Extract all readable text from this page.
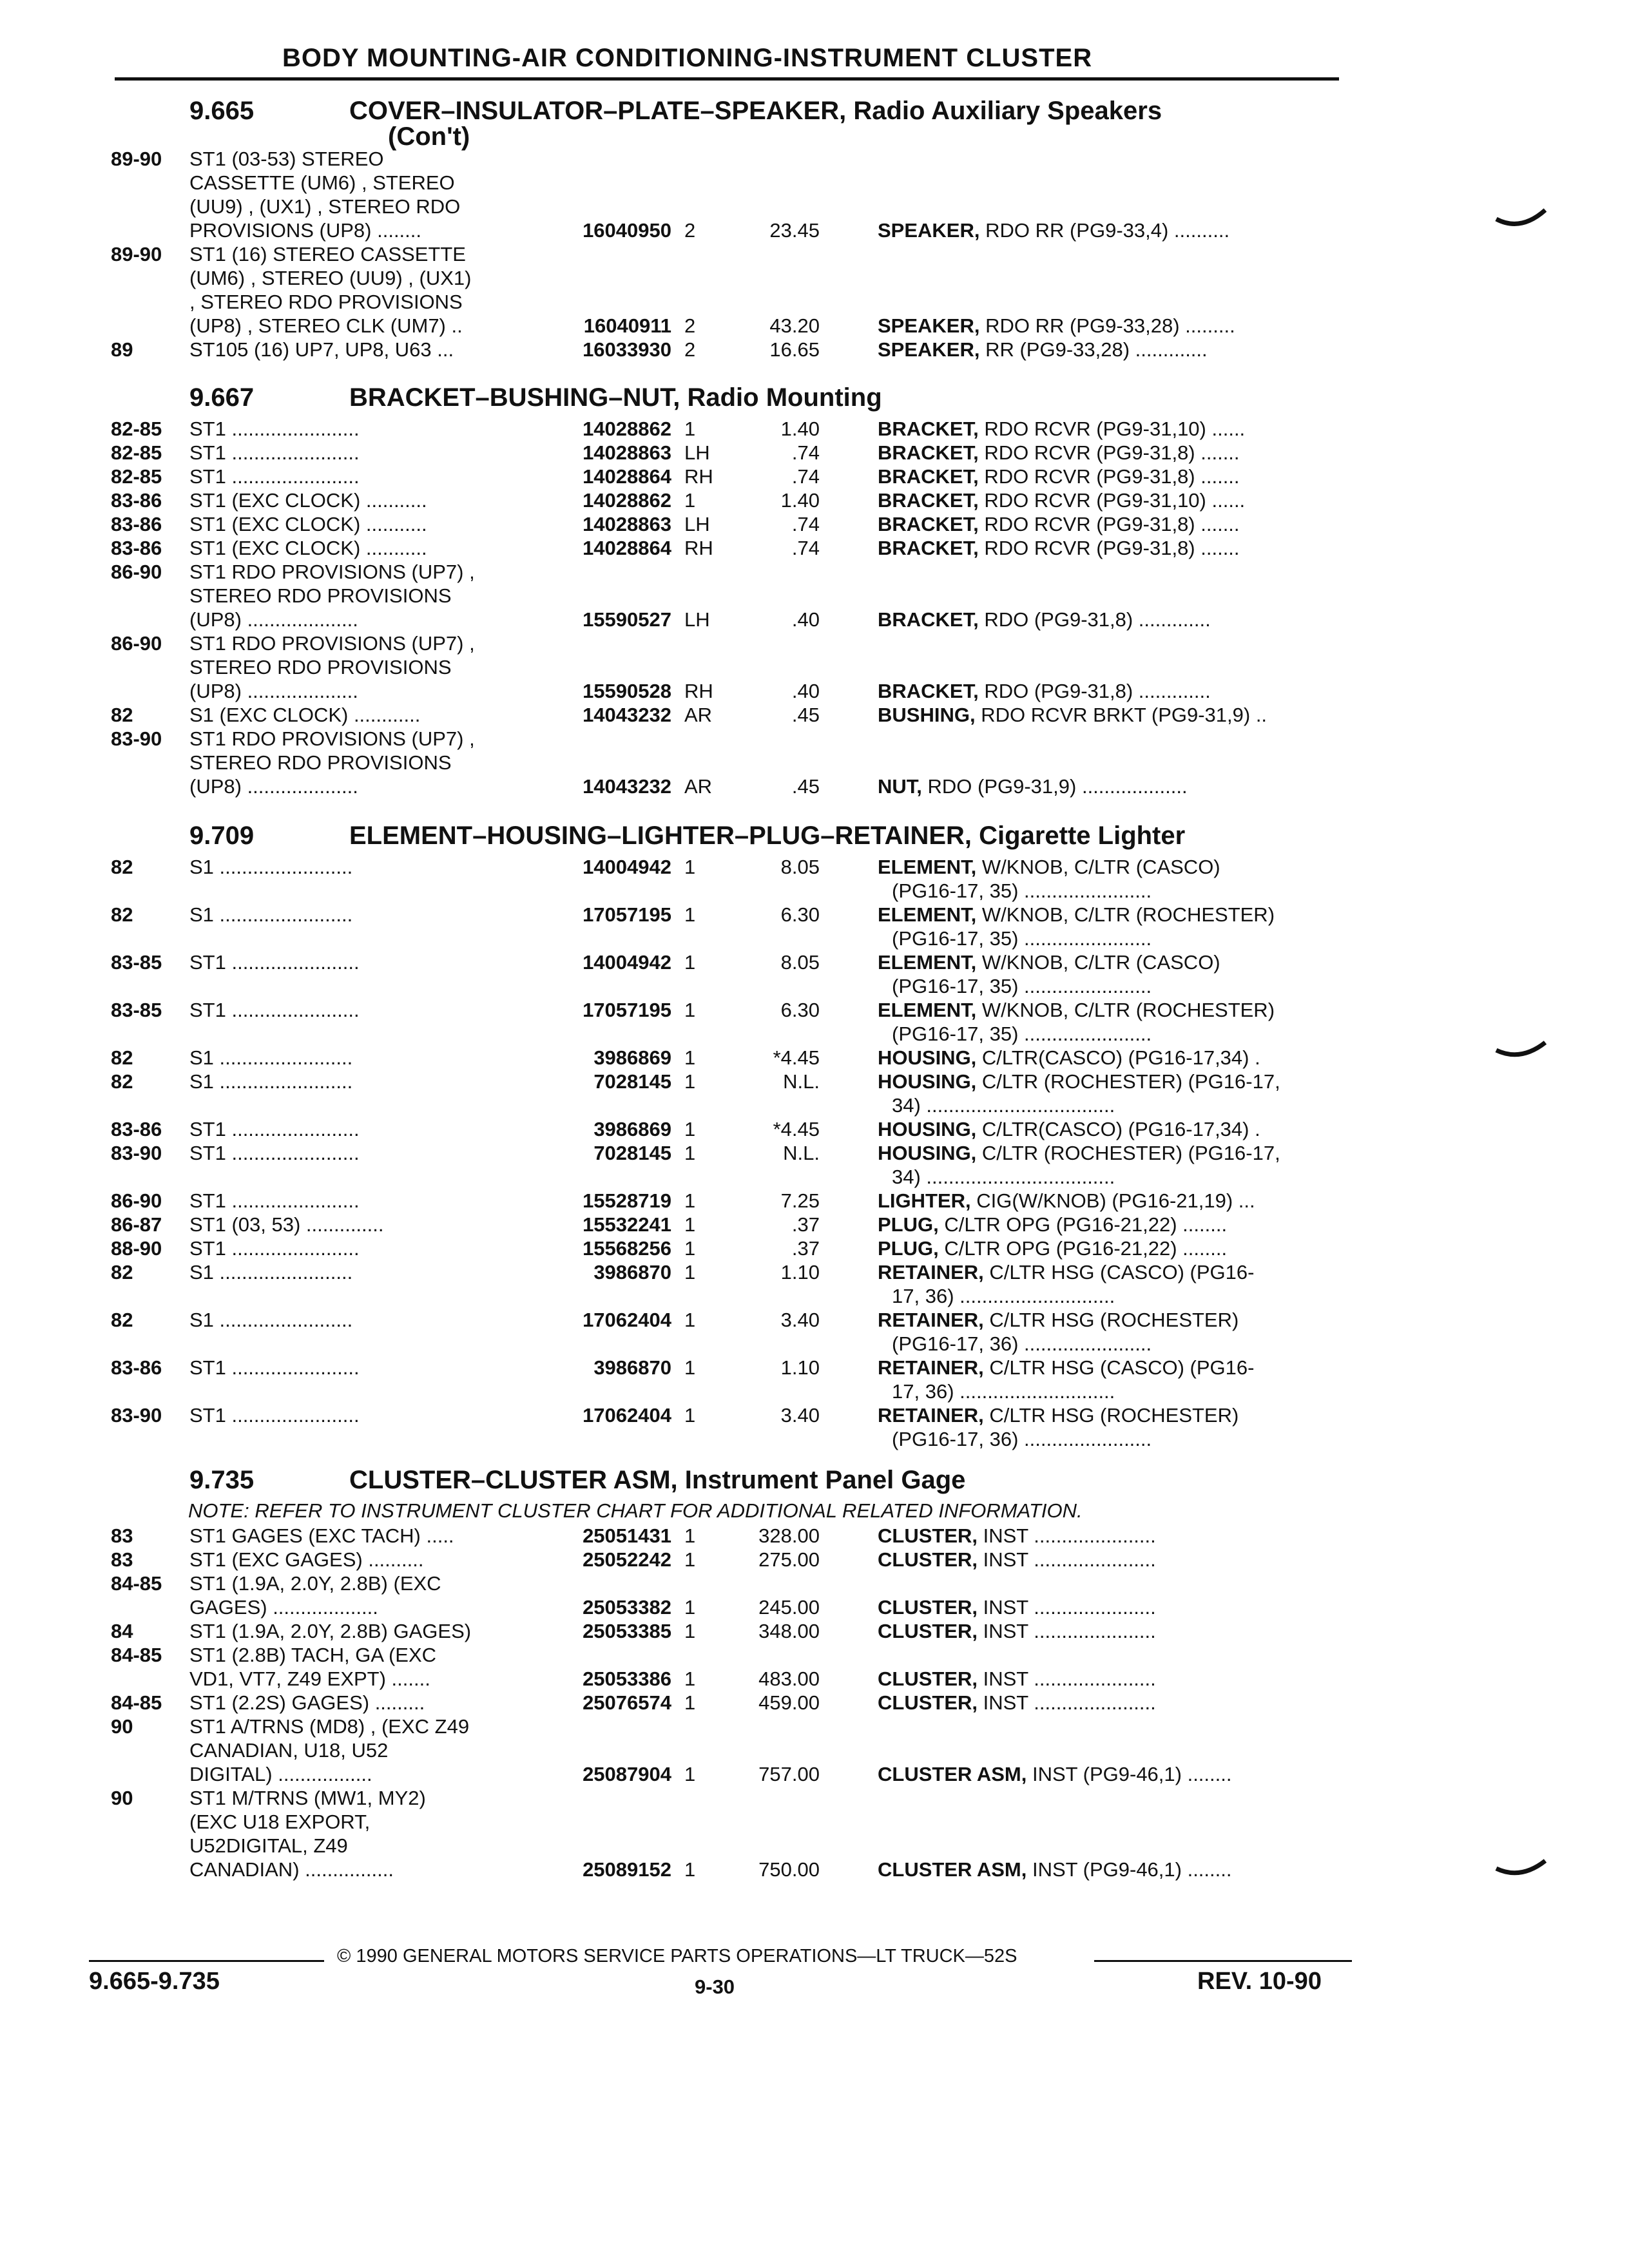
BODY MOUNTING-AIR CONDITIONING-INSTRUMENT CLUSTER
9.665	COVER–INSULATOR–PLATE–SPEAKER, Radio Auxiliary Speakers
(Con't)
89-90	ST1 (03-53) STEREO
CASSETTE (UM6) , STEREO
(UU9) , (UX1) , STEREO RDO
PROVISIONS (UP8) ........	16040950 2	23.45	SPEAKER, RDO RR (PG9-33,4) ..........
89-90	ST1 (16) STEREO CASSETTE
(UM6) , STEREO (UU9) , (UX1)
, STEREO RDO PROVISIONS
(UP8) , STEREO CLK (UM7) ..	16040911 2	43.20	SPEAKER, RDO RR (PG9-33,28) .........
89	ST105 (16) UP7, UP8, U63 ...	16033930 2	16.65	SPEAKER, RR (PG9-33,28) .............
9.667	BRACKET–BUSHING–NUT, Radio Mounting
82-85	ST1 .......................	14028862 1	1.40	BRACKET, RDO RCVR (PG9-31,10) ......
82-85	ST1 .......................	14028863 LH	.74	BRACKET, RDO RCVR (PG9-31,8) .......
82-85	ST1 .......................	14028864 RH	.74	BRACKET, RDO RCVR (PG9-31,8) .......
83-86	ST1 (EXC CLOCK) ...........	14028862 1	1.40	BRACKET, RDO RCVR (PG9-31,10) ......
83-86	ST1 (EXC CLOCK) ...........	14028863 LH	.74	BRACKET, RDO RCVR (PG9-31,8) .......
83-86	ST1 (EXC CLOCK) ...........	14028864 RH	.74	BRACKET, RDO RCVR (PG9-31,8) .......
86-90	ST1 RDO PROVISIONS (UP7) ,
STEREO RDO PROVISIONS
(UP8) ....................	15590527 LH	.40	BRACKET, RDO (PG9-31,8) .............
86-90	ST1 RDO PROVISIONS (UP7) ,
STEREO RDO PROVISIONS
(UP8) ....................	15590528 RH	.40	BRACKET, RDO (PG9-31,8) .............
82	S1 (EXC CLOCK) ............	14043232 AR	.45	BUSHING, RDO RCVR BRKT (PG9-31,9) ..
83-90	ST1 RDO PROVISIONS (UP7) ,
STEREO RDO PROVISIONS
(UP8) ....................	14043232 AR	.45	NUT, RDO (PG9-31,9) ...................
9.709	ELEMENT–HOUSING–LIGHTER–PLUG–RETAINER, Cigarette Lighter
82	S1 ........................	14004942 1	8.05	ELEMENT, W/KNOB, C/LTR (CASCO)
(PG16-17, 35) .......................
82	S1 ........................	17057195 1	6.30	ELEMENT, W/KNOB, C/LTR (ROCHESTER)
(PG16-17, 35) .......................
83-85	ST1 .......................	14004942 1	8.05	ELEMENT, W/KNOB, C/LTR (CASCO)
(PG16-17, 35) .......................
83-85	ST1 .......................	17057195 1	6.30	ELEMENT, W/KNOB, C/LTR (ROCHESTER)
(PG16-17, 35) .......................
82	S1 ........................	3986869 1	*4.45	HOUSING, C/LTR(CASCO) (PG16-17,34) .
82	S1 ........................	7028145 1	N.L.	HOUSING, C/LTR (ROCHESTER) (PG16-17,
34) ..................................
83-86	ST1 .......................	3986869 1	*4.45	HOUSING, C/LTR(CASCO) (PG16-17,34) .
83-90	ST1 .......................	7028145 1	N.L.	HOUSING, C/LTR (ROCHESTER) (PG16-17,
34) ..................................
86-90	ST1 .......................	15528719 1	7.25	LIGHTER, CIG(W/KNOB) (PG16-21,19) ...
86-87	ST1 (03, 53) ..............	15532241 1	.37	PLUG, C/LTR OPG (PG16-21,22) ........
88-90	ST1 .......................	15568256 1	.37	PLUG, C/LTR OPG (PG16-21,22) ........
82	S1 ........................	3986870 1	1.10	RETAINER, C/LTR HSG (CASCO) (PG16-
17, 36) ............................
82	S1 ........................	17062404 1	3.40	RETAINER, C/LTR HSG (ROCHESTER)
(PG16-17, 36) .......................
83-86	ST1 .......................	3986870 1	1.10	RETAINER, C/LTR HSG (CASCO) (PG16-
17, 36) ............................
83-90	ST1 .......................	17062404 1	3.40	RETAINER, C/LTR HSG (ROCHESTER)
(PG16-17, 36) .......................
9.735	CLUSTER–CLUSTER ASM, Instrument Panel Gage
NOTE: REFER TO INSTRUMENT CLUSTER CHART FOR ADDITIONAL RELATED INFORMATION.
83	ST1 GAGES (EXC TACH) .....	25051431 1	328.00	CLUSTER, INST ......................
83	ST1 (EXC GAGES) ..........	25052242 1	275.00	CLUSTER, INST ......................
84-85	ST1 (1.9A, 2.0Y, 2.8B) (EXC
GAGES) ...................	25053382 1	245.00	CLUSTER, INST ......................
84	ST1 (1.9A, 2.0Y, 2.8B) GAGES)	25053385 1	348.00	CLUSTER, INST ......................
84-85	ST1 (2.8B) TACH, GA (EXC
VD1, VT7, Z49 EXPT) .......	25053386 1	483.00	CLUSTER, INST ......................
84-85	ST1 (2.2S) GAGES) .........	25076574 1	459.00	CLUSTER, INST ......................
90	ST1 A/TRNS (MD8) , (EXC Z49
CANADIAN, U18, U52
DIGITAL) .................	25087904 1	757.00	CLUSTER ASM, INST (PG9-46,1) ........
90	ST1 M/TRNS (MW1, MY2)
(EXC U18 EXPORT,
U52DIGITAL, Z49
CANADIAN) ................	25089152 1	750.00	CLUSTER ASM, INST (PG9-46,1) ........
© 1990 GENERAL MOTORS SERVICE PARTS OPERATIONS—LT TRUCK—52S
9.665-9.735	9-30	REV. 10-90
